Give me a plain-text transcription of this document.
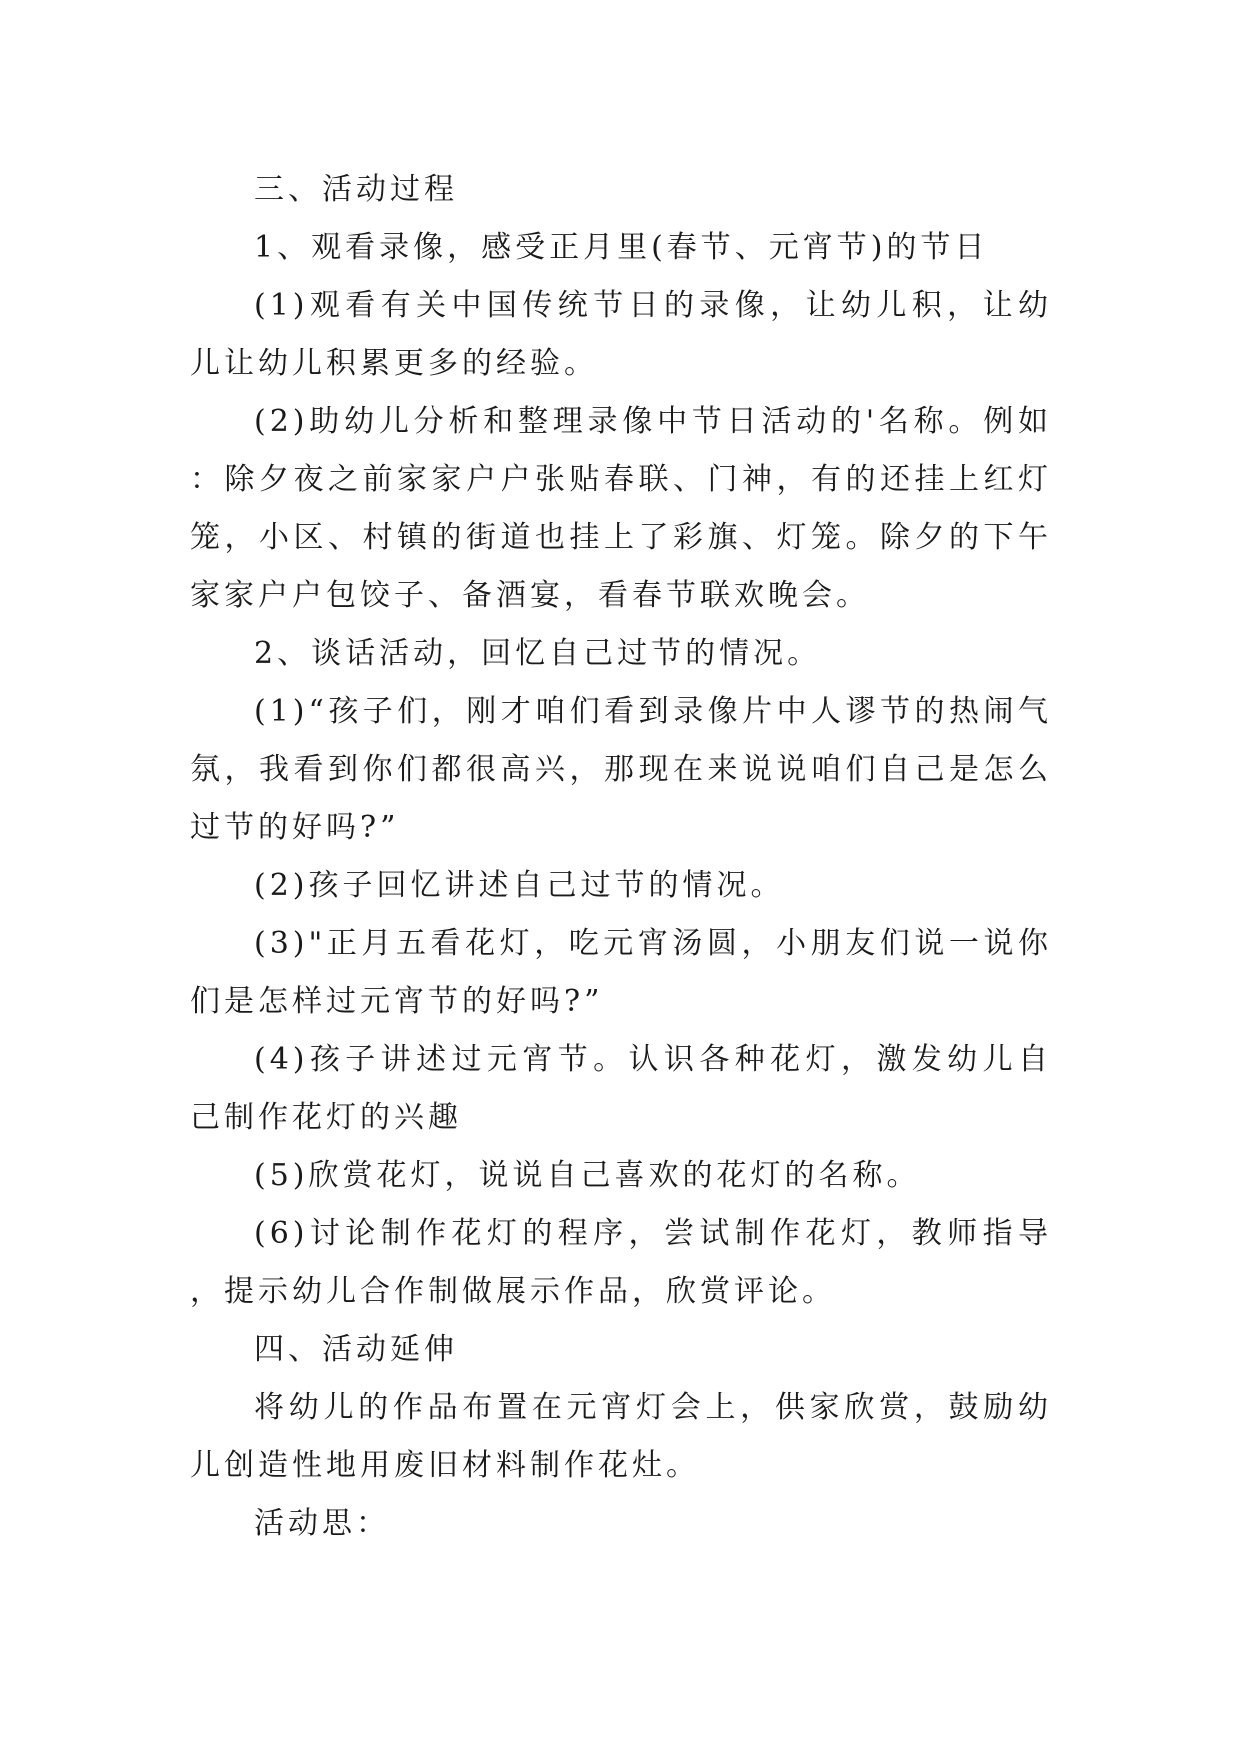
三、活动过程

1、观看录像，感受正月里(春节、元宵节)的节日

(1)观看有关中国传统节日的录像，让幼儿积，让幼儿让幼儿积累更多的经验。

(2)助幼儿分析和整理录像中节日活动的'名称。例如：除夕夜之前家家户户张贴春联、门神，有的还挂上红灯笼，小区、村镇的街道也挂上了彩旗、灯笼。除夕的下午家家户户包饺子、备酒宴，看春节联欢晚会。

2、谈话活动，回忆自己过节的情况。

(1)“孩子们，刚才咱们看到录像片中人谬节的热闹气氛，我看到你们都很高兴，那现在来说说咱们自己是怎么过节的好吗?”

(2)孩子回忆讲述自己过节的情况。

(3)"正月五看花灯，吃元宵汤圆，小朋友们说一说你们是怎样过元宵节的好吗?”

(4)孩子讲述过元宵节。认识各种花灯，激发幼儿自己制作花灯的兴趣

(5)欣赏花灯，说说自己喜欢的花灯的名称。

(6)讨论制作花灯的程序，尝试制作花灯，教师指导，提示幼儿合作制做展示作品，欣赏评论。

四、活动延伸

将幼儿的作品布置在元宵灯会上，供家欣赏，鼓励幼儿创造性地用废旧材料制作花灶。

活动思：
